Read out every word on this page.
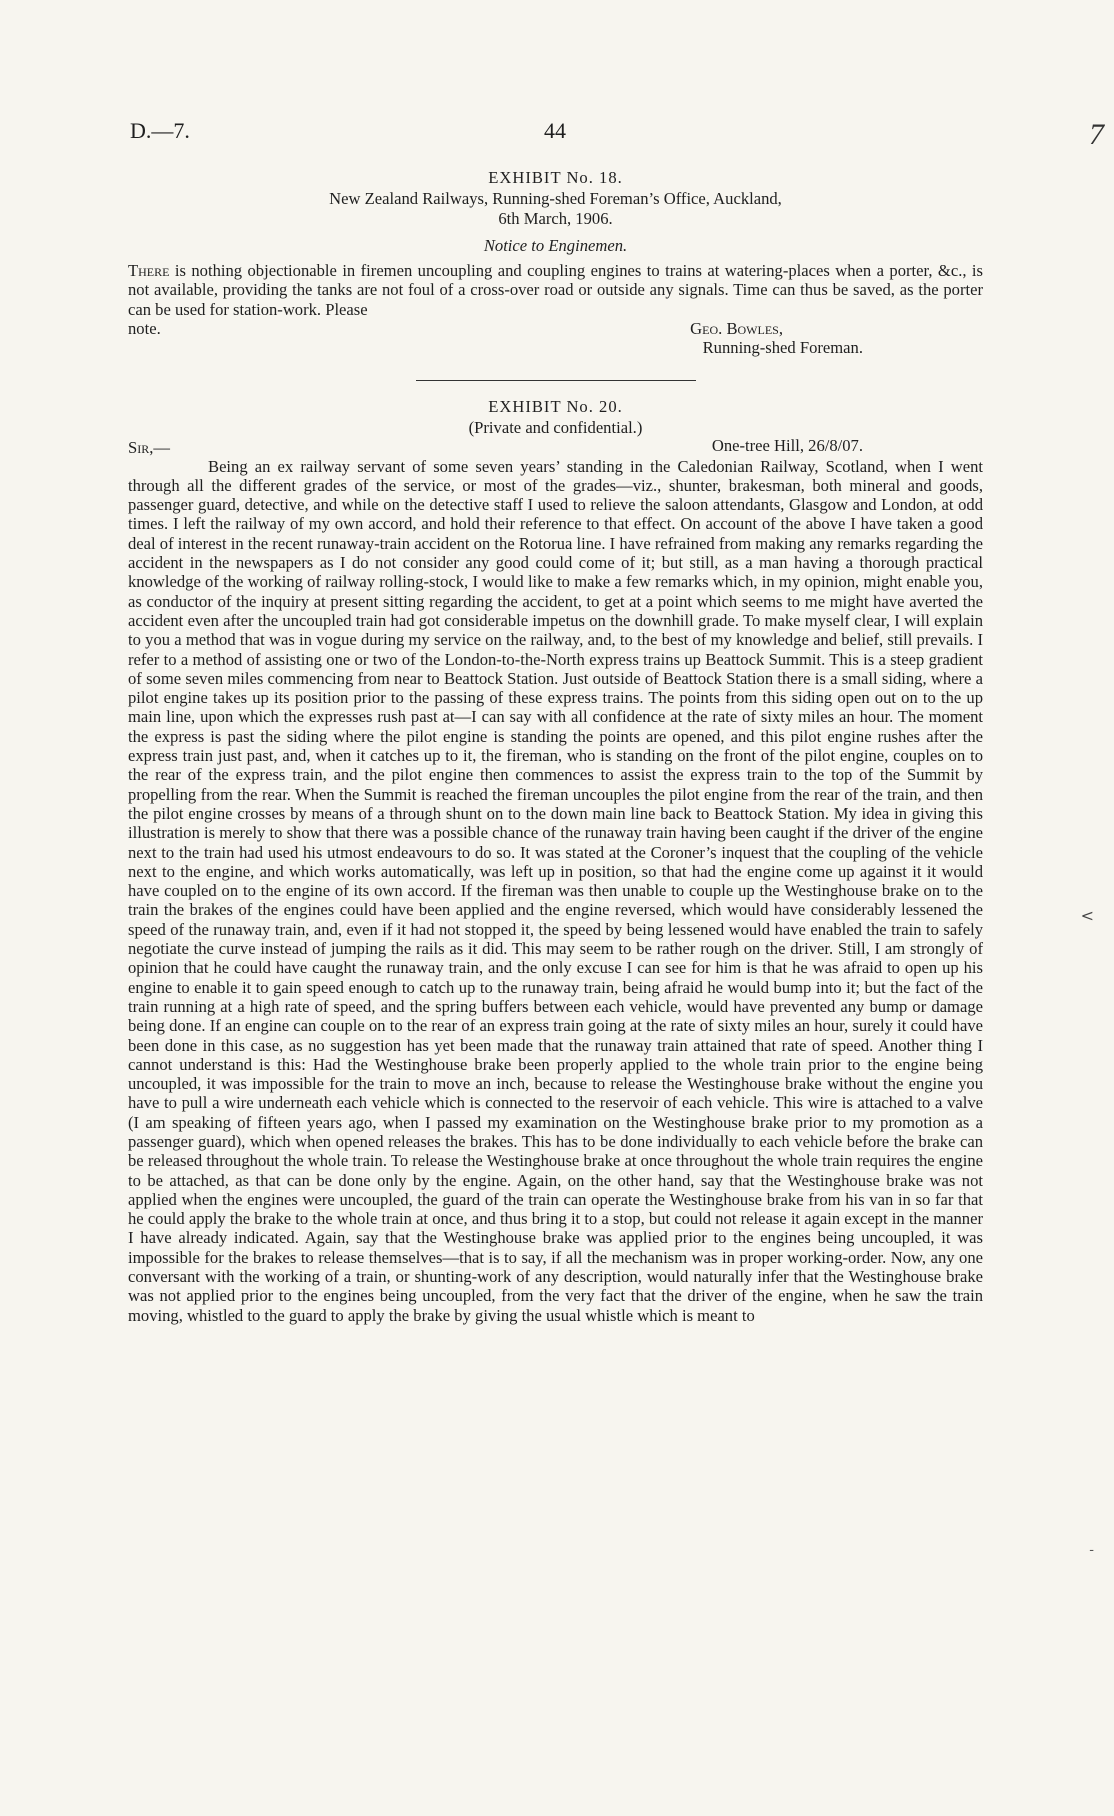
D.—7.	44	7
<
-

EXHIBIT No. 18.

New Zealand Railways, Running-shed Foreman’s Office, Auckland,

6th March, 1906.

Notice to Enginemen.

There is nothing objectionable in firemen uncoupling and coupling engines to trains at watering-places when a porter, &c., is not available, providing the tanks are not foul of a cross-over road or outside any signals. Time can thus be saved, as the porter can be used for station-work. Please

note.	Geo. Bowles,

Running-shed Foreman.

EXHIBIT No. 20.

(Private and confidential.)

Sir,—	One-tree Hill, 26/8/07.

Being an ex railway servant of some seven years’ standing in the Caledonian Railway, Scotland, when I went through all the different grades of the service, or most of the grades—viz., shunter, brakesman, both mineral and goods, passenger guard, detective, and while on the detective staff I used to relieve the saloon attendants, Glasgow and London, at odd times. I left the railway of my own accord, and hold their reference to that effect. On account of the above I have taken a good deal of interest in the recent runaway-train accident on the Rotorua line. I have refrained from making any remarks regarding the accident in the newspapers as I do not consider any good could come of it; but still, as a man having a thorough practical knowledge of the working of railway rolling-stock, I would like to make a few remarks which, in my opinion, might enable you, as conductor of the inquiry at present sitting regarding the accident, to get at a point which seems to me might have averted the accident even after the uncoupled train had got considerable impetus on the downhill grade. To make myself clear, I will explain to you a method that was in vogue during my service on the railway, and, to the best of my knowledge and belief, still prevails. I refer to a method of assisting one or two of the London-to-the-North express trains up Beattock Summit. This is a steep gradient of some seven miles commencing from near to Beattock Station. Just outside of Beattock Station there is a small siding, where a pilot engine takes up its position prior to the passing of these express trains. The points from this siding open out on to the up main line, upon which the expresses rush past at—I can say with all confidence at the rate of sixty miles an hour. The moment the express is past the siding where the pilot engine is standing the points are opened, and this pilot engine rushes after the express train just past, and, when it catches up to it, the fireman, who is standing on the front of the pilot engine, couples on to the rear of the express train, and the pilot engine then commences to assist the express train to the top of the Summit by propelling from the rear. When the Summit is reached the fireman uncouples the pilot engine from the rear of the train, and then the pilot engine crosses by means of a through shunt on to the down main line back to Beattock Station. My idea in giving this illustration is merely to show that there was a possible chance of the runaway train having been caught if the driver of the engine next to the train had used his utmost endeavours to do so. It was stated at the Coroner’s inquest that the coupling of the vehicle next to the engine, and which works automatically, was left up in position, so that had the engine come up against it it would have coupled on to the engine of its own accord. If the fireman was then unable to couple up the Westinghouse brake on to the train the brakes of the engines could have been applied and the engine reversed, which would have considerably lessened the speed of the runaway train, and, even if it had not stopped it, the speed by being lessened would have enabled the train to safely negotiate the curve instead of jumping the rails as it did. This may seem to be rather rough on the driver. Still, I am strongly of opinion that he could have caught the runaway train, and the only excuse I can see for him is that he was afraid to open up his engine to enable it to gain speed enough to catch up to the runaway train, being afraid he would bump into it; but the fact of the train running at a high rate of speed, and the spring buffers between each vehicle, would have prevented any bump or damage being done. If an engine can couple on to the rear of an express train going at the rate of sixty miles an hour, surely it could have been done in this case, as no suggestion has yet been made that the runaway train attained that rate of speed. Another thing I cannot understand is this: Had the Westinghouse brake been properly applied to the whole train prior to the engine being uncoupled, it was impossible for the train to move an inch, because to release the Westinghouse brake without the engine you have to pull a wire underneath each vehicle which is connected to the reservoir of each vehicle. This wire is attached to a valve (I am speaking of fifteen years ago, when I passed my examination on the Westinghouse brake prior to my promotion as a passenger guard), which when opened releases the brakes. This has to be done individually to each vehicle before the brake can be released throughout the whole train. To release the Westinghouse brake at once throughout the whole train requires the engine to be attached, as that can be done only by the engine. Again, on the other hand, say that the Westinghouse brake was not applied when the engines were uncoupled, the guard of the train can operate the Westinghouse brake from his van in so far that he could apply the brake to the whole train at once, and thus bring it to a stop, but could not release it again except in the manner I have already indicated. Again, say that the Westinghouse brake was applied prior to the engines being uncoupled, it was impossible for the brakes to release themselves—that is to say, if all the mechanism was in proper working-order. Now, any one conversant with the working of a train, or shunting-work of any description, would naturally infer that the Westinghouse brake was not applied prior to the engines being uncoupled, from the very fact that the driver of the engine, when he saw the train moving, whistled to the guard to apply the brake by giving the usual whistle which is meant to
